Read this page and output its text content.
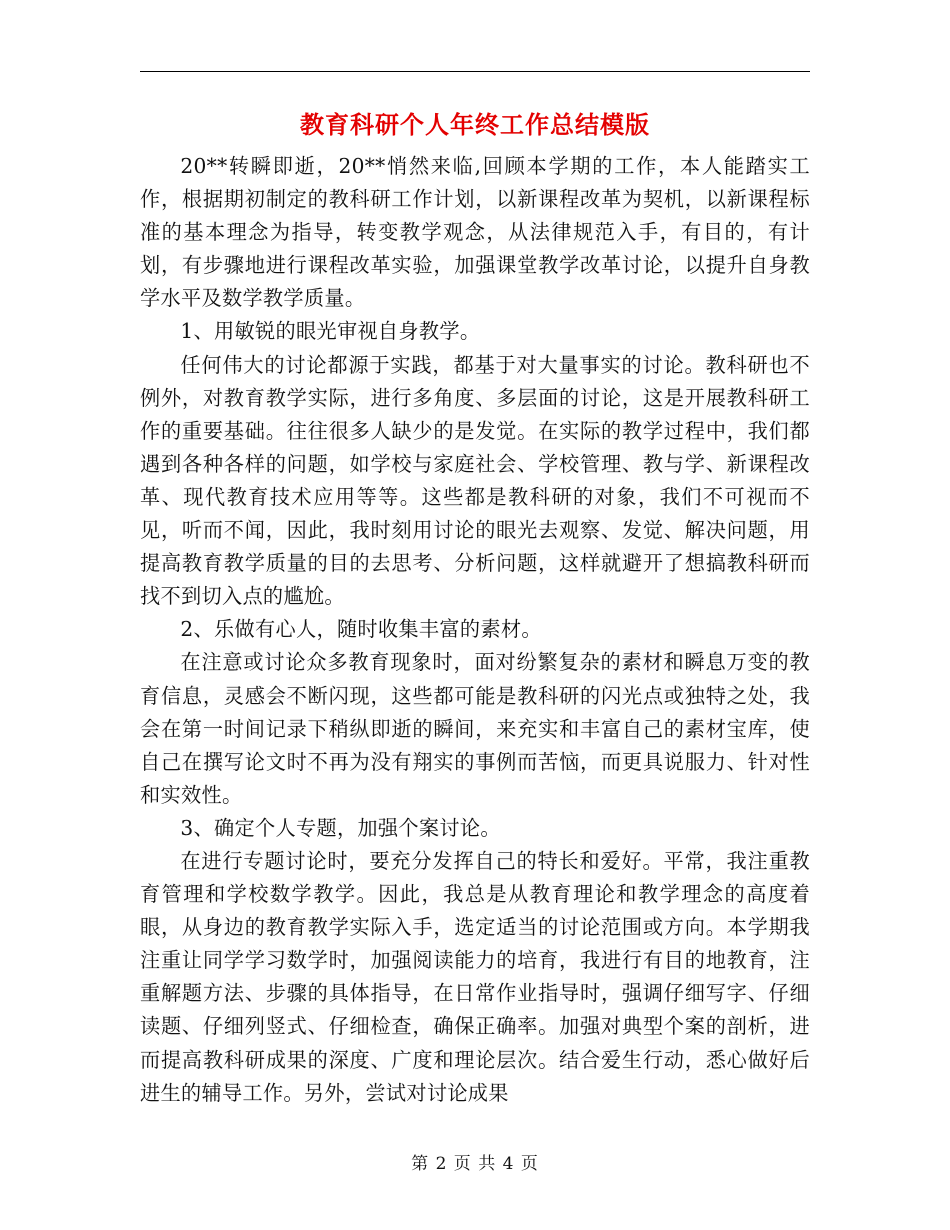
教育科研个人年终工作总结模版

20**转瞬即逝，20**悄然来临,回顾本学期的工作，本人能踏实工作，根据期初制定的教科研工作计划，以新课程改革为契机，以新课程标准的基本理念为指导，转变教学观念，从法律规范入手，有目的，有计划，有步骤地进行课程改革实验，加强课堂教学改革讨论，以提升自身教学水平及数学教学质量。

1、用敏锐的眼光审视自身教学。

任何伟大的讨论都源于实践，都基于对大量事实的讨论。教科研也不例外，对教育教学实际，进行多角度、多层面的讨论，这是开展教科研工作的重要基础。往往很多人缺少的是发觉。在实际的教学过程中，我们都遇到各种各样的问题，如学校与家庭社会、学校管理、教与学、新课程改革、现代教育技术应用等等。这些都是教科研的对象，我们不可视而不见，听而不闻，因此，我时刻用讨论的眼光去观察、发觉、解决问题，用提高教育教学质量的目的去思考、分析问题，这样就避开了想搞教科研而找不到切入点的尴尬。

2、乐做有心人，随时收集丰富的素材。

在注意或讨论众多教育现象时，面对纷繁复杂的素材和瞬息万变的教育信息，灵感会不断闪现，这些都可能是教科研的闪光点或独特之处，我会在第一时间记录下稍纵即逝的瞬间，来充实和丰富自己的素材宝库，使自己在撰写论文时不再为没有翔实的事例而苦恼，而更具说服力、针对性和实效性。

3、确定个人专题，加强个案讨论。

在进行专题讨论时，要充分发挥自己的特长和爱好。平常，我注重教育管理和学校数学教学。因此，我总是从教育理论和教学理念的高度着眼，从身边的教育教学实际入手，选定适当的讨论范围或方向。本学期我注重让同学学习数学时，加强阅读能力的培育，我进行有目的地教育，注重解题方法、步骤的具体指导，在日常作业指导时，强调仔细写字、仔细读题、仔细列竖式、仔细检查，确保正确率。加强对典型个案的剖析，进而提高教科研成果的深度、广度和理论层次。结合爱生行动，悉心做好后进生的辅导工作。另外，尝试对讨论成果

第 2 页 共 4 页
